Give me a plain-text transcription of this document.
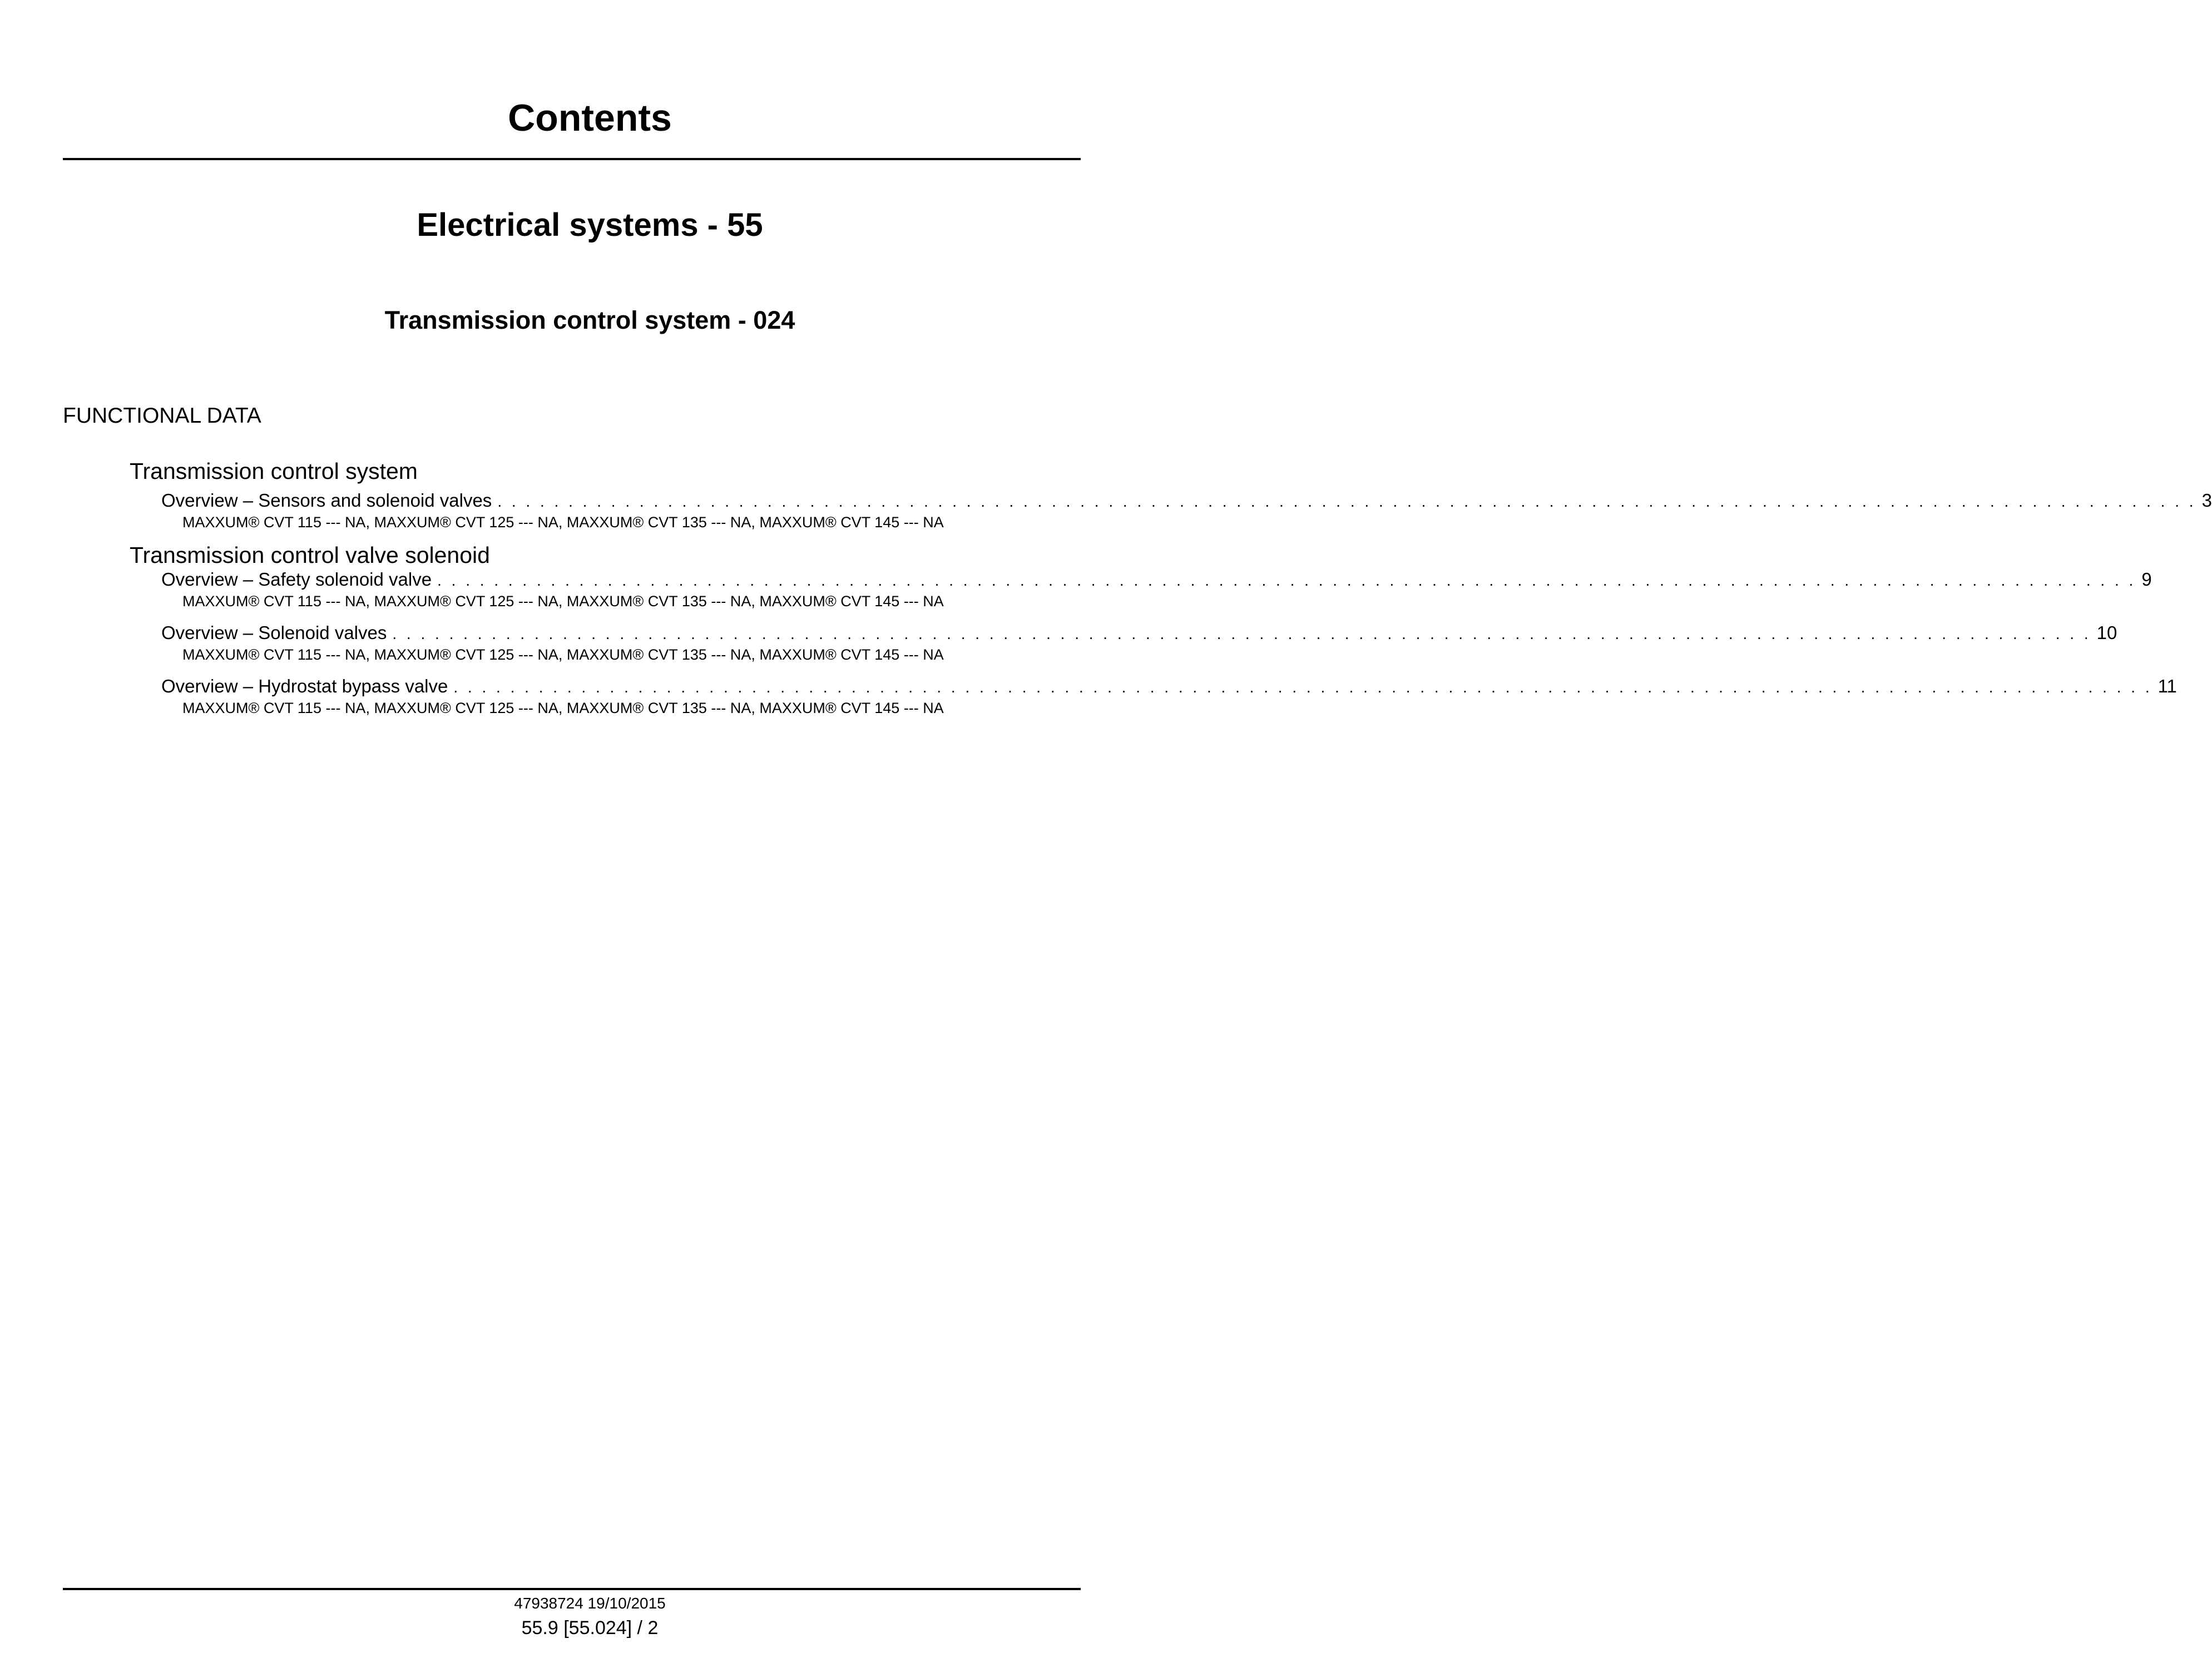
Contents
Electrical systems - 55
Transmission control system - 024
FUNCTIONAL DATA
Transmission control system
Overview – Sensors and solenoid valves . . . . . . . . . . . . . . . . . . . . . . . . . . . . . . . . . . . . . . . . . . . . . . . . . . . . . . . . . . . . . . . . . . . . . . . . . . . . . . . . . . . . . . . . . . . . . . . . . . . . . . . . . . . . . . . . . . . . . . . . 3
MAXXUM® CVT 115 --- NA, MAXXUM® CVT 125 --- NA, MAXXUM® CVT 135 --- NA, MAXXUM® CVT 145 --- NA
Transmission control valve solenoid
Overview – Safety solenoid valve . . . . . . . . . . . . . . . . . . . . . . . . . . . . . . . . . . . . . . . . . . . . . . . . . . . . . . . . . . . . . . . . . . . . . . . . . . . . . . . . . . . . . . . . . . . . . . . . . . . . . . . . . . . . . . . . . . . . . . . . 9
MAXXUM® CVT 115 --- NA, MAXXUM® CVT 125 --- NA, MAXXUM® CVT 135 --- NA, MAXXUM® CVT 145 --- NA
Overview – Solenoid valves . . . . . . . . . . . . . . . . . . . . . . . . . . . . . . . . . . . . . . . . . . . . . . . . . . . . . . . . . . . . . . . . . . . . . . . . . . . . . . . . . . . . . . . . . . . . . . . . . . . . . . . . . . . . . . . . . . . . . . . . 10
MAXXUM® CVT 115 --- NA, MAXXUM® CVT 125 --- NA, MAXXUM® CVT 135 --- NA, MAXXUM® CVT 145 --- NA
Overview – Hydrostat bypass valve . . . . . . . . . . . . . . . . . . . . . . . . . . . . . . . . . . . . . . . . . . . . . . . . . . . . . . . . . . . . . . . . . . . . . . . . . . . . . . . . . . . . . . . . . . . . . . . . . . . . . . . . . . . . . . . . . . . . . . . . 11
MAXXUM® CVT 115 --- NA, MAXXUM® CVT 125 --- NA, MAXXUM® CVT 135 --- NA, MAXXUM® CVT 145 --- NA
47938724 19/10/2015
55.9 [55.024] / 2
